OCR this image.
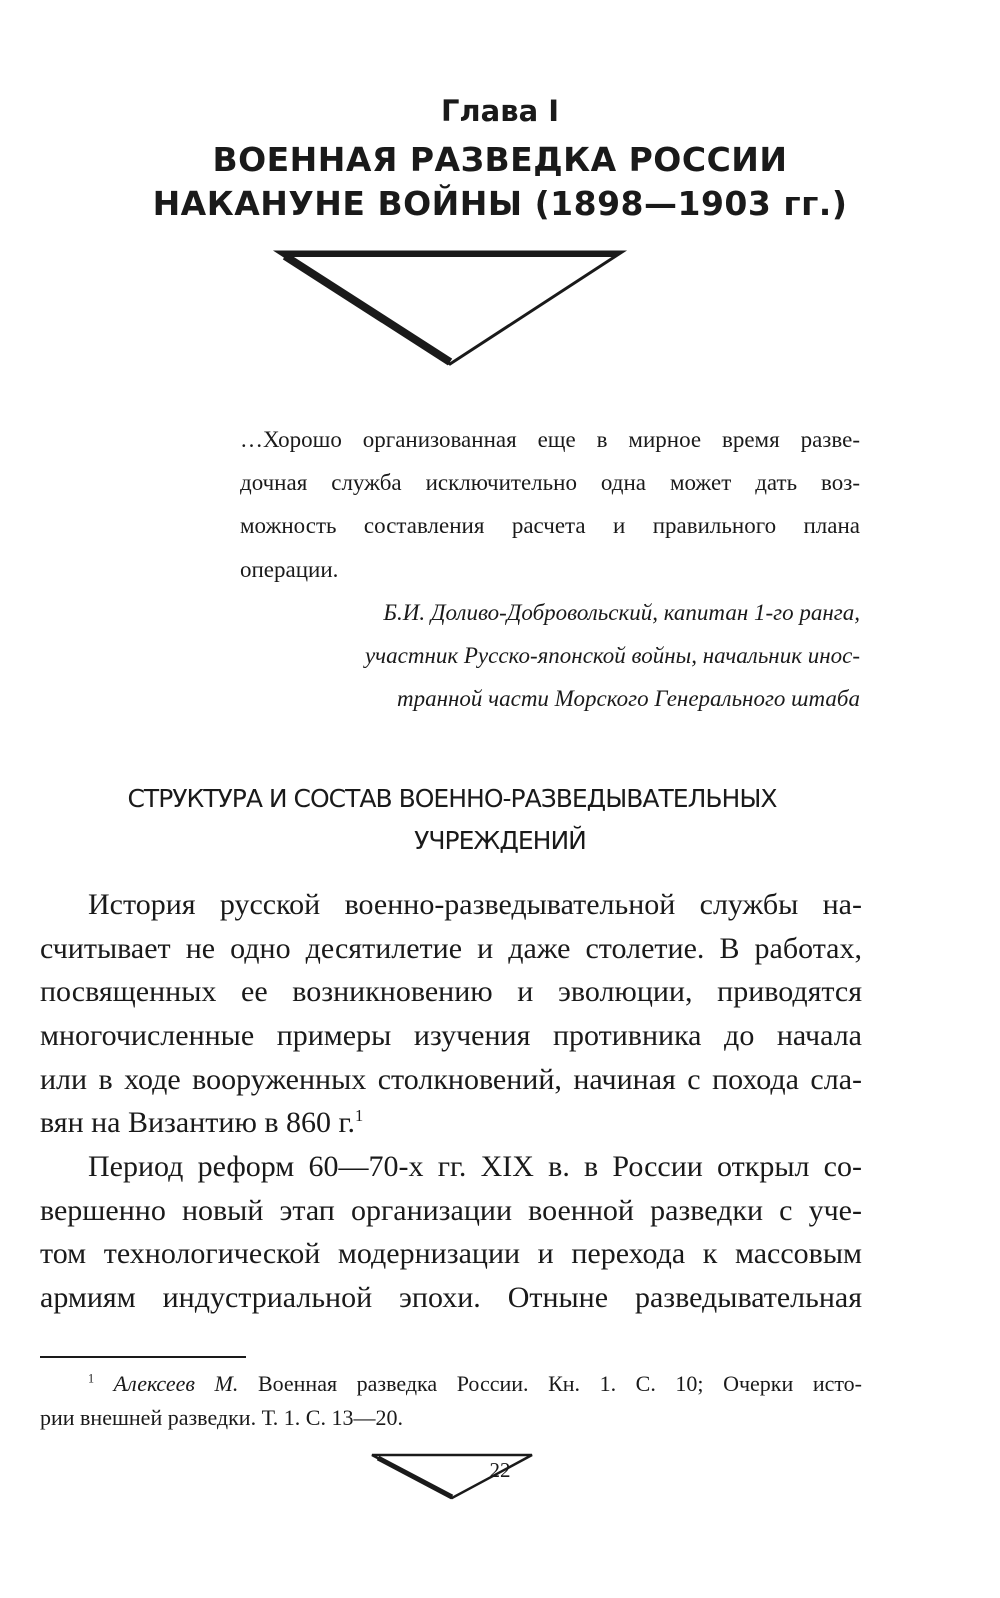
Глава I
ВОЕННАЯ РАЗВЕДКА РОССИИ
НАКАНУНЕ ВОЙНЫ (1898—1903 гг.)
…Хорошо организованная еще в мирное время разве-
дочная служба исключительно одна может дать воз-
можность составления расчета и правильного плана
операции.
Б.И. Доливо-Добровольский, капитан 1-го ранга,
участник Русско-японской войны, начальник инос-
транной части Морского Генерального штаба
СТРУКТУРА И СОСТАВ ВОЕННО-РАЗВЕДЫВАТЕЛЬНЫХ
УЧРЕЖДЕНИЙ
История русской военно-разведывательной службы на-
считывает не одно десятилетие и даже столетие. В работах,
посвященных ее возникновению и эволюции, приводятся
многочисленные примеры изучения противника до начала
или в ходе вооруженных столкновений, начиная с похода сла-
вян на Византию в 860 г.$^1$
Период реформ 60—70-х гг. XIX в. в России открыл со-
вершенно новый этап организации военной разведки с уче-
том технологической модернизации и перехода к массовым
армиям индустриальной эпохи. Отныне разведывательная
$^1$ Алексеев М. Военная разведка России. Кн. 1. С. 10; Очерки исто-
рии внешней разведки. Т. 1. С. 13—20.
22
